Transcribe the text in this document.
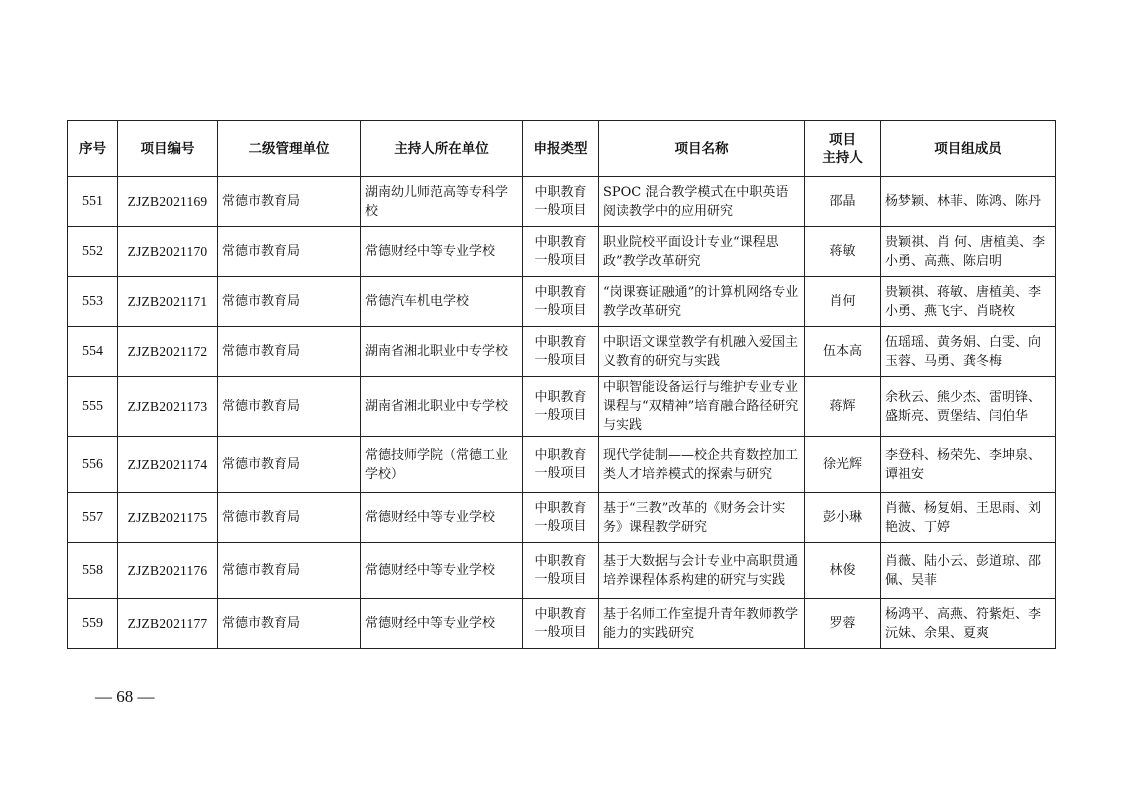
序号	项目编号	二级管理单位	主持人所在单位	申报类型	项目名称	项目
主持人	项目组成员
551	ZJZB2021169	常德市教育局	湖南幼儿师范高等专科学校	中职教育
一般项目	SPOC 混合教学模式在中职英语阅读教学中的应用研究	邵晶	杨梦颖、林菲、陈鸿、陈丹
552	ZJZB2021170	常德市教育局	常德财经中等专业学校	中职教育
一般项目	职业院校平面设计专业“课程思政”教学改革研究	蒋敏	贵颖祺、肖 何、唐植美、李小勇、高燕、陈启明
553	ZJZB2021171	常德市教育局	常德汽车机电学校	中职教育
一般项目	“岗课赛证融通”的计算机网络专业教学改革研究	肖何	贵颖祺、蒋敏、唐植美、李小勇、燕飞宇、肖晓枚
554	ZJZB2021172	常德市教育局	湖南省湘北职业中专学校	中职教育
一般项目	中职语文课堂教学有机融入爱国主义教育的研究与实践	伍本高	伍瑶瑶、黄务娟、白雯、向玉蓉、马勇、龚冬梅
555	ZJZB2021173	常德市教育局	湖南省湘北职业中专学校	中职教育
一般项目	中职智能设备运行与维护专业专业课程与“双精神”培育融合路径研究与实践	蒋辉	余秋云、熊少杰、雷明锋、盛斯亮、贾堡结、闫伯华
556	ZJZB2021174	常德市教育局	常德技师学院（常德工业学校）	中职教育
一般项目	现代学徒制——校企共育数控加工类人才培养模式的探索与研究	徐光辉	李登科、杨荣先、李坤泉、谭祖安
557	ZJZB2021175	常德市教育局	常德财经中等专业学校	中职教育
一般项目	基于“三教”改革的《财务会计实务》课程教学研究	彭小琳	肖薇、杨复娟、王思雨、刘艳波、丁婷
558	ZJZB2021176	常德市教育局	常德财经中等专业学校	中职教育
一般项目	基于大数据与会计专业中高职贯通培养课程体系构建的研究与实践	林俊	肖薇、陆小云、彭道琼、邵佩、吴菲
559	ZJZB2021177	常德市教育局	常德财经中等专业学校	中职教育
一般项目	基于名师工作室提升青年教师教学能力的实践研究	罗蓉	杨鸿平、高燕、符紫炬、李沅妹、余果、夏爽
— 68 —
